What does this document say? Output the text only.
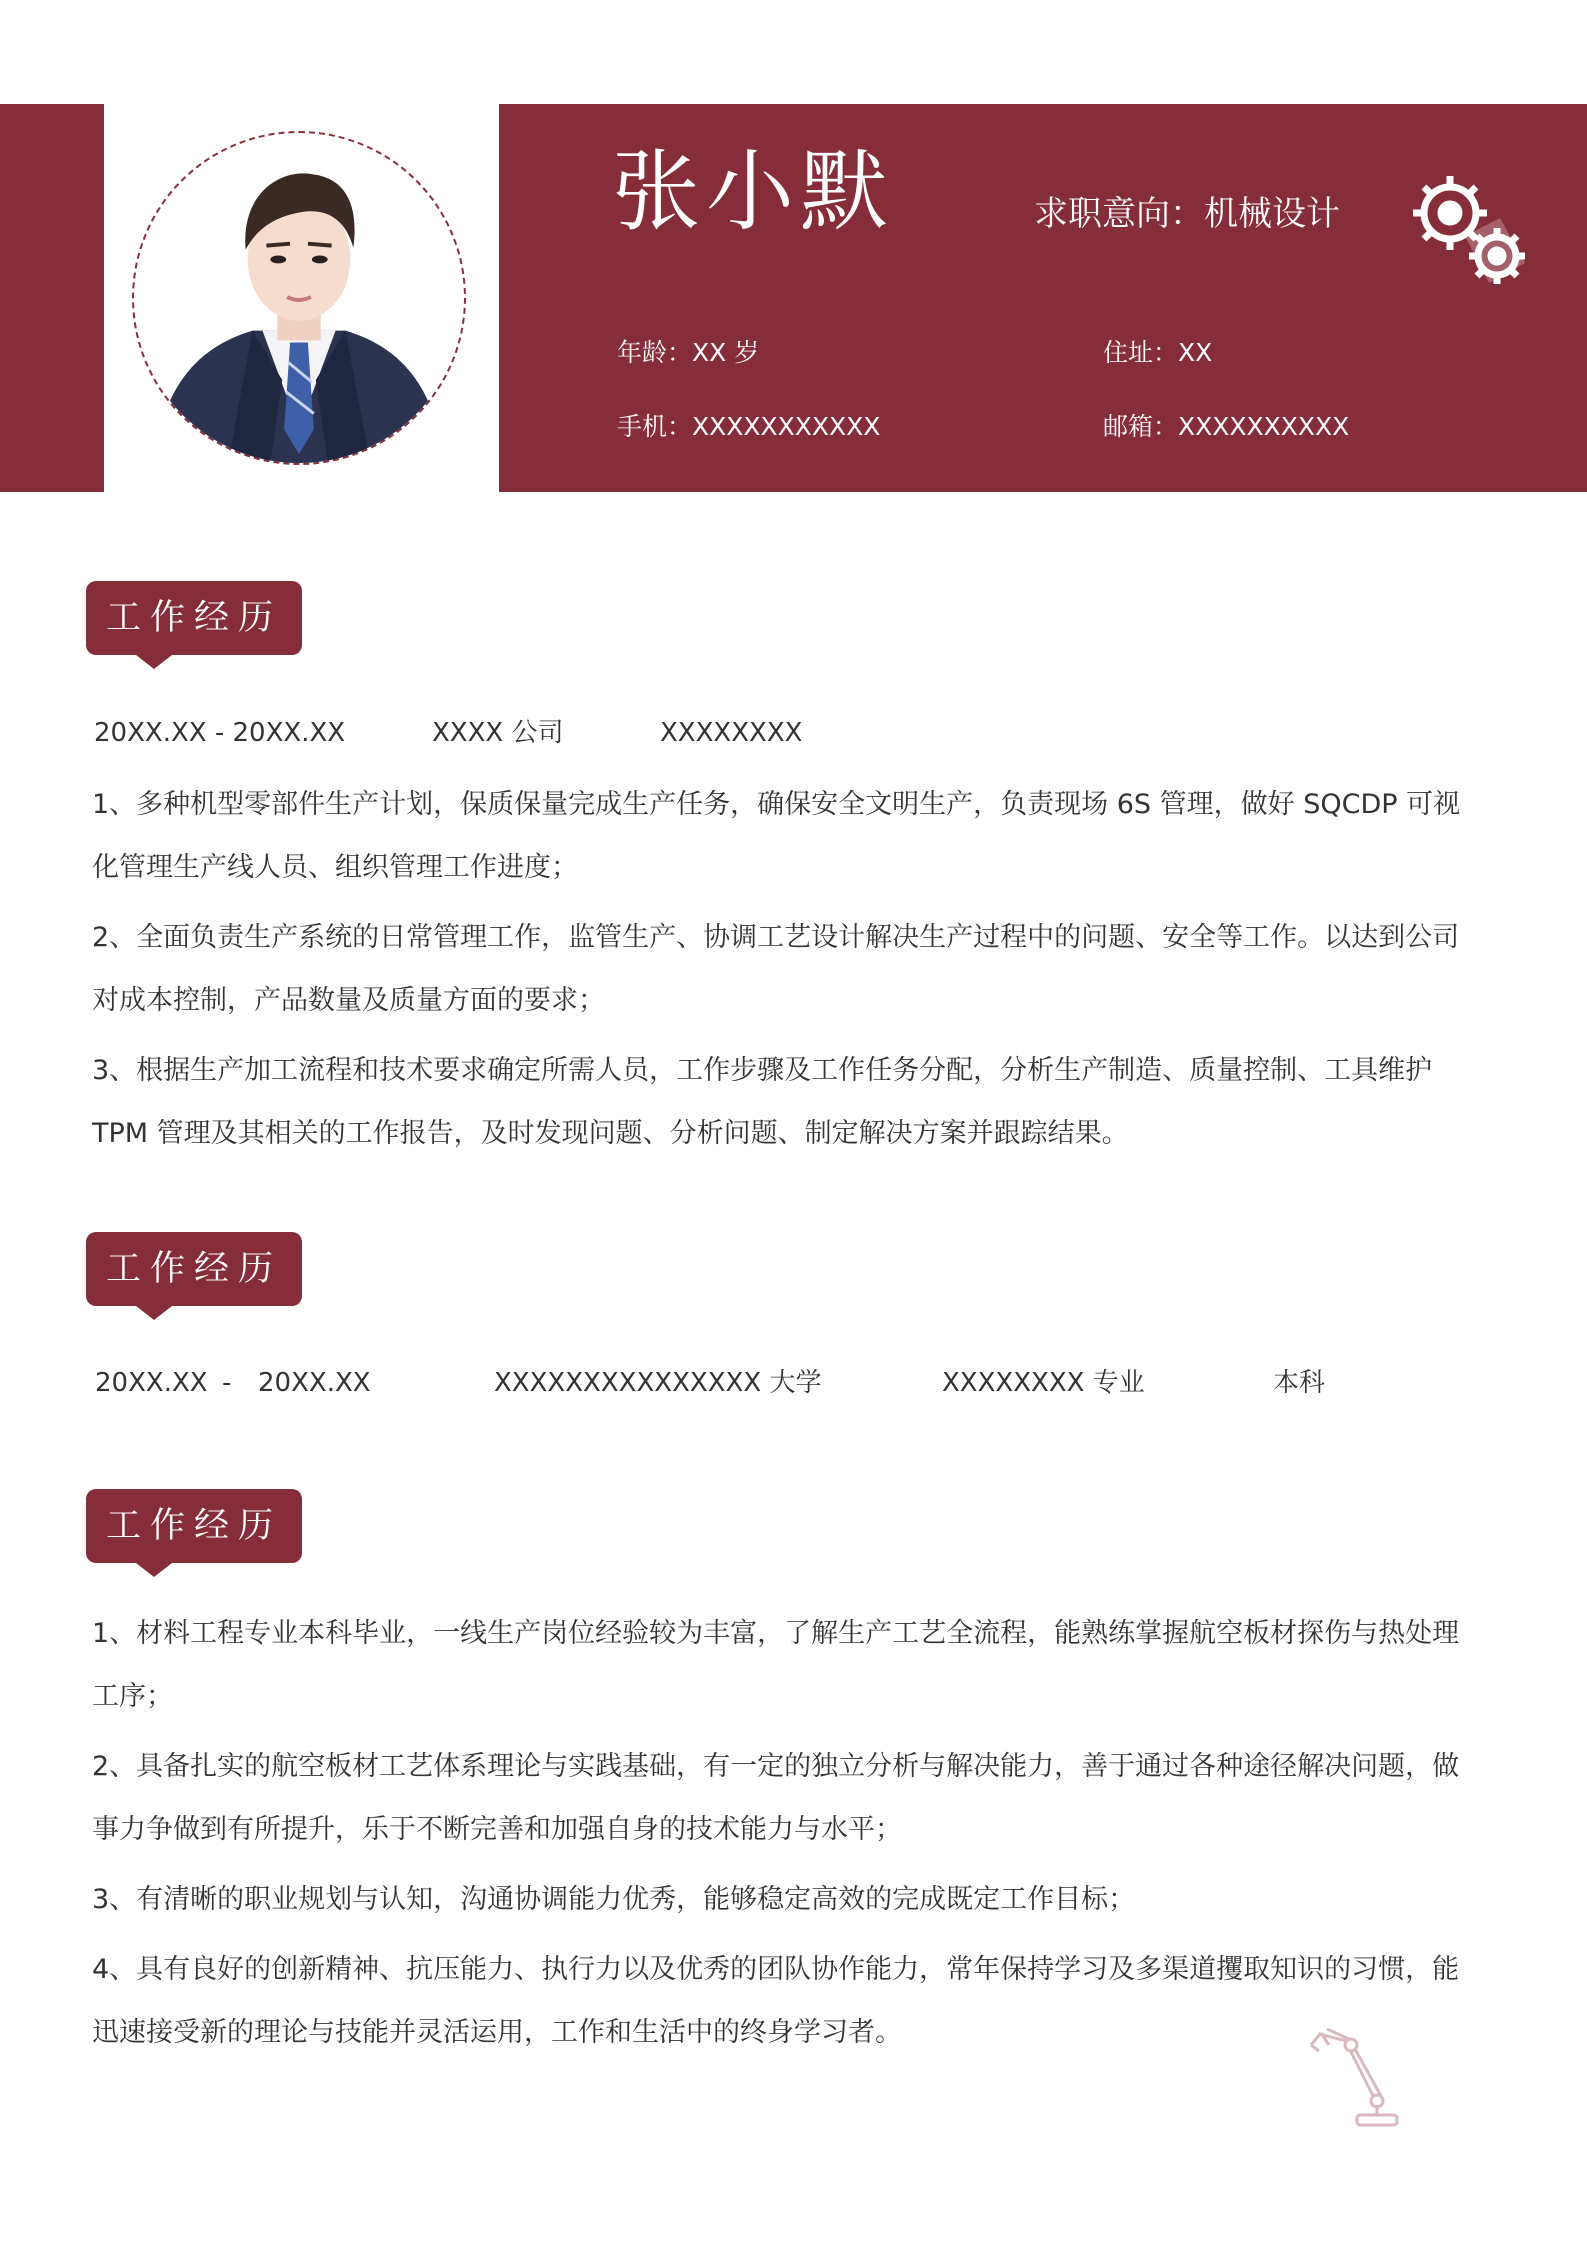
张小默	求职意向：机械设计
年龄：XX 岁	住址：XX
手机：XXXXXXXXXXX	邮箱：XXXXXXXXXX
工作经历
20XX.XX - 20XX.XX	XXXX 公司	XXXXXXXX

1、多种机型零部件生产计划，保质保量完成生产任务，确保安全文明生产，负责现场 6S 管理，做好 SQCDP 可视化管理生产线人员、组织管理工作进度；

2、全面负责生产系统的日常管理工作，监管生产、协调工艺设计解决生产过程中的问题、安全等工作。以达到公司对成本控制，产品数量及质量方面的要求；

3、根据生产加工流程和技术要求确定所需人员，工作步骤及工作任务分配，分析生产制造、质量控制、工具维护 TPM 管理及其相关的工作报告，及时发现问题、分析问题、制定解决方案并跟踪结果。

工作经历
20XX.XX - 20XX.XX	XXXXXXXXXXXXXXX 大学	XXXXXXXX 专业	本科
工作经历

1、材料工程专业本科毕业，一线生产岗位经验较为丰富，了解生产工艺全流程，能熟练掌握航空板材探伤与热处理工序；

2、具备扎实的航空板材工艺体系理论与实践基础，有一定的独立分析与解决能力，善于通过各种途径解决问题，做事力争做到有所提升，乐于不断完善和加强自身的技术能力与水平；

3、有清晰的职业规划与认知，沟通协调能力优秀，能够稳定高效的完成既定工作目标；

4、具有良好的创新精神、抗压能力、执行力以及优秀的团队协作能力，常年保持学习及多渠道攫取知识的习惯，能迅速接受新的理论与技能并灵活运用，工作和生活中的终身学习者。
